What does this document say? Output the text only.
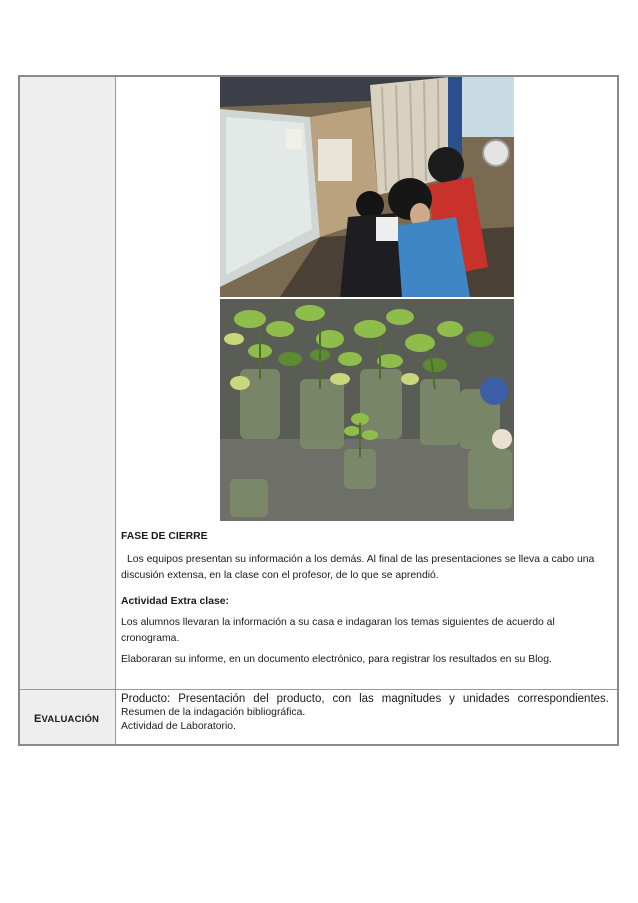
EVALUACIÓN
FASE DE CIERRE
Los equipos presentan su información a los demás. Al final de las presentaciones se lleva a cabo una discusión extensa, en la clase con el profesor, de lo que se aprendió.
Actividad Extra clase:
Los alumnos llevaran la información a su casa e indagaran los temas siguientes de acuerdo al cronograma.
Elaboraran su informe, en un documento electrónico, para registrar los resultados en su Blog.
Producto: Presentación del producto, con las magnitudes y unidades correspondientes.
Resumen de la indagación bibliográfica.
Actividad de Laboratorio.
